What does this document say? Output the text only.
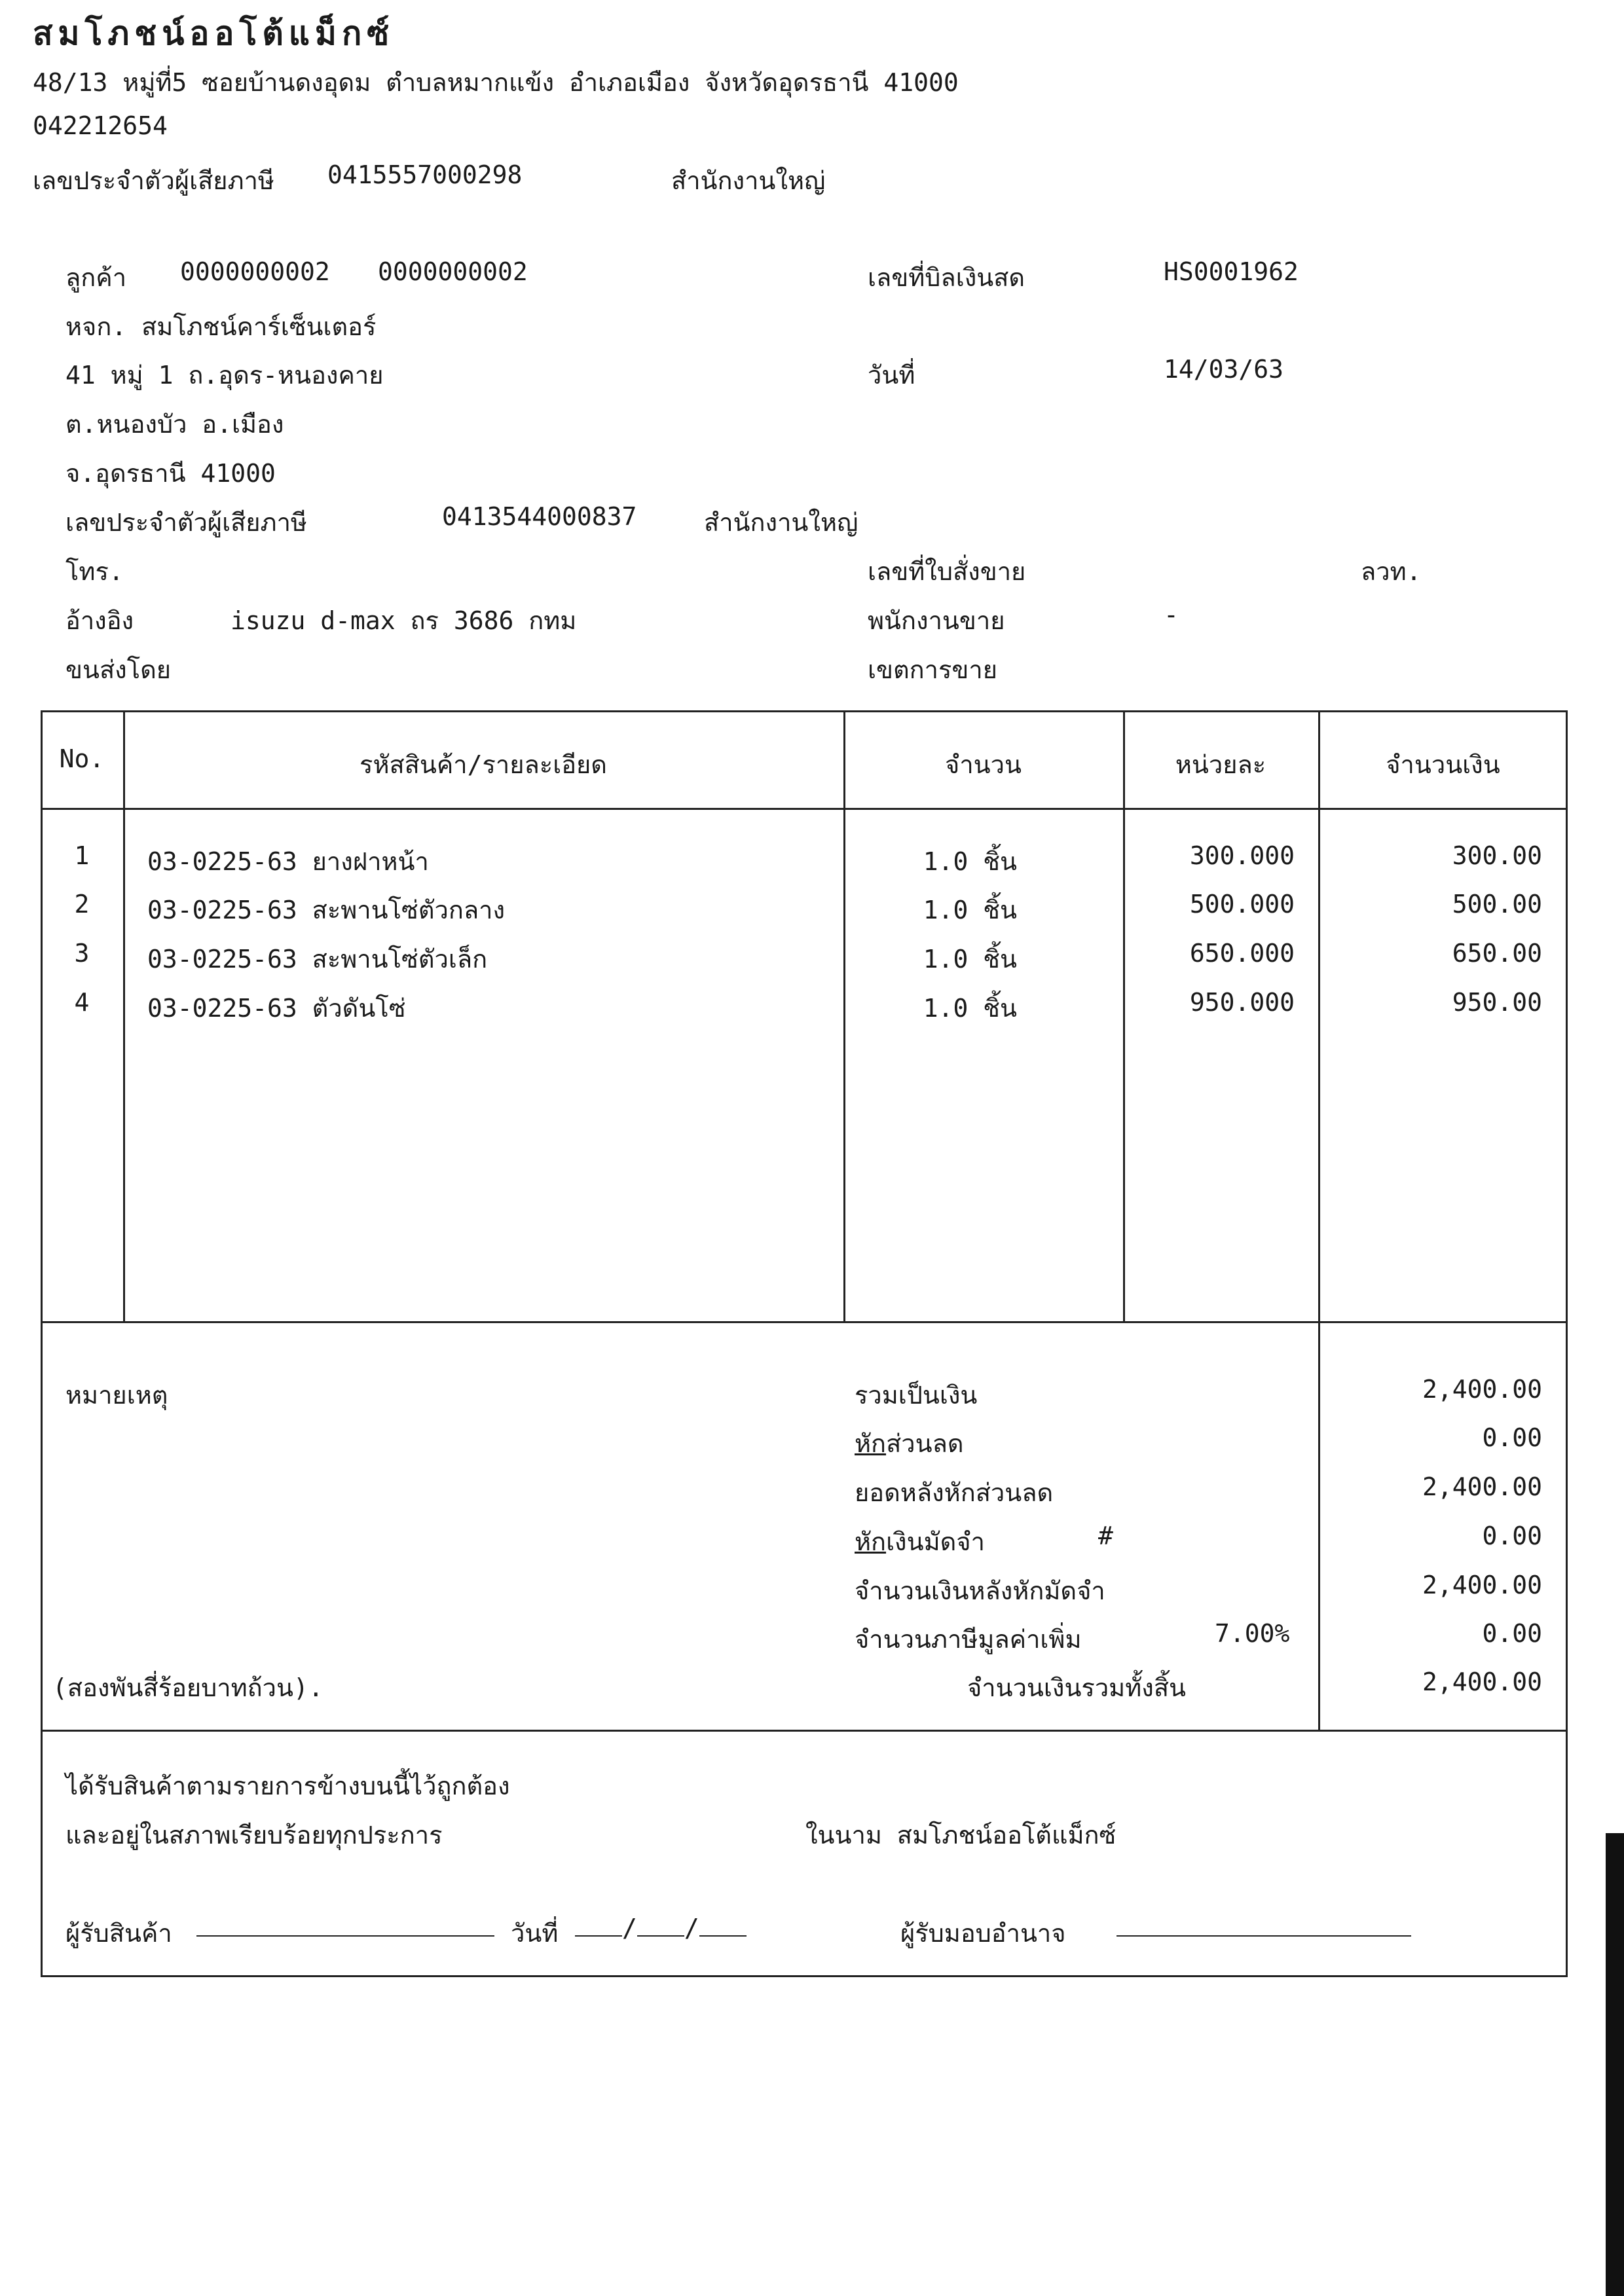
สมโภชน์ออโต้แม็กซ์
48/13 หมู่ที่5 ซอยบ้านดงอุดม ตำบลหมากแข้ง อำเภอเมือง จังหวัดอุดรธานี 41000
042212654
เลขประจำตัวผู้เสียภาษี 0415557000298	สำนักงานใหญ่
ลูกค้า 0000000002 0000000002
หจก. สมโภชน์คาร์เซ็นเตอร์
41 หมู่ 1 ถ.อุดร-หนองคาย
ต.หนองบัว อ.เมือง
จ.อุดรธานี 41000
เลขประจำตัวผู้เสียภาษี	0413544000837	สำนักงานใหญ่
โทร.
อ้างอิง	isuzu d-max ถร 3686 กทม
ขนส่งโดย
เลขที่บิลเงินสด	HS0001962
วันที่	14/03/63
เลขที่ใบสั่งขาย	ลวท.
พนักงานขาย	-
เขตการขาย
No.	รหัสสินค้า/รายละเอียด	จำนวน	หน่วยละ	จำนวนเงิน
1	03-0225-63 ยางฝาหน้า	1.0 ชิ้น	300.000	300.00
2	03-0225-63 สะพานโซ่ตัวกลาง	1.0 ชิ้น	500.000	500.00
3	03-0225-63 สะพานโซ่ตัวเล็ก	1.0 ชิ้น	650.000	650.00
4	03-0225-63 ตัวดันโซ่	1.0 ชิ้น	950.000	950.00
หมายเหตุ
(สองพันสี่ร้อยบาทถ้วน).
รวมเป็นเงิน	2,400.00
หักส่วนลด	0.00
ยอดหลังหักส่วนลด	2,400.00
หักเงินมัดจำ	#	0.00
จำนวนเงินหลังหักมัดจำ	2,400.00
จำนวนภาษีมูลค่าเพิ่ม	7.00%	0.00
จำนวนเงินรวมทั้งสิ้น	2,400.00
ได้รับสินค้าตามรายการข้างบนนี้ไว้ถูกต้อง
และอยู่ในสภาพเรียบร้อยทุกประการ	ในนาม สมโภชน์ออโต้แม็กซ์
ผู้รับสินค้า	วันที่	/ /	ผู้รับมอบอำนาจ
